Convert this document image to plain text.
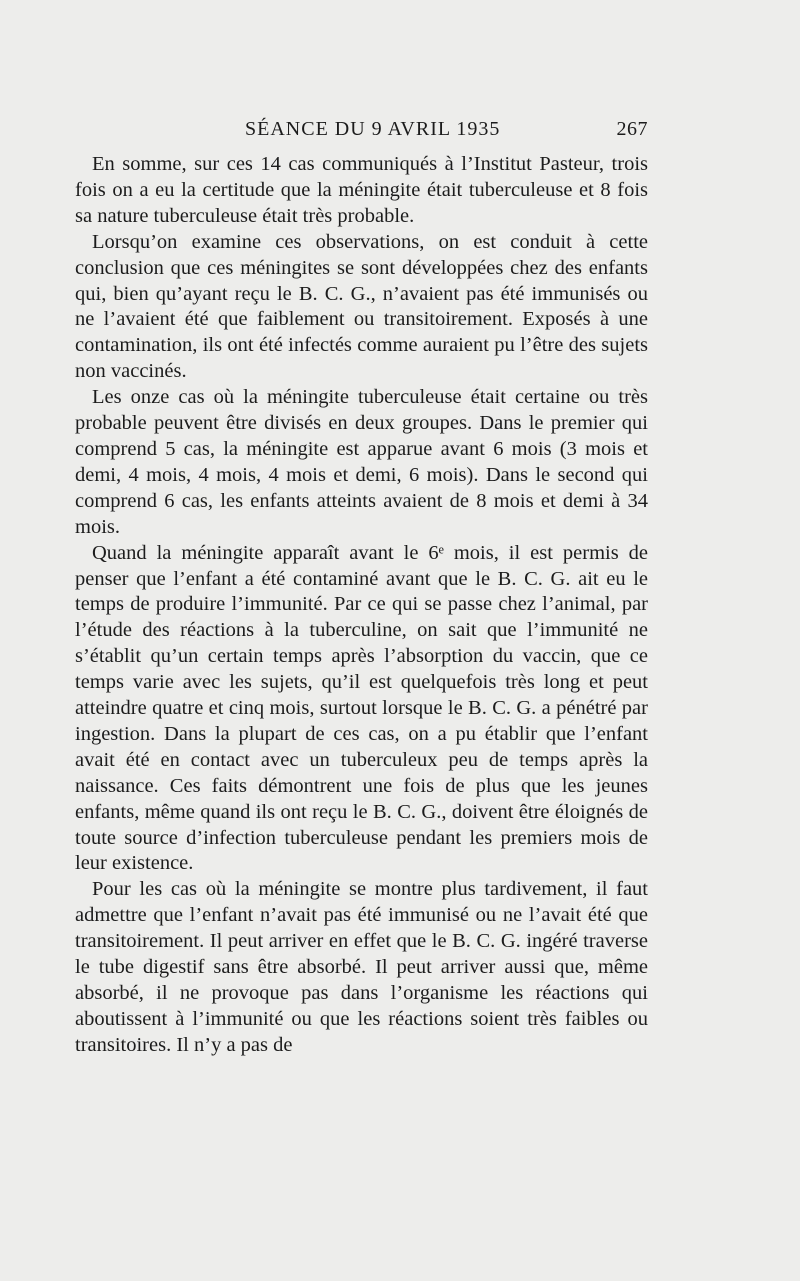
SÉANCE DU 9 AVRIL 1935	267

En somme, sur ces 14 cas communiqués à l’Institut Pasteur, trois fois on a eu la certitude que la méningite était tuberculeuse et 8 fois sa nature tuberculeuse était très probable.

Lorsqu’on examine ces observations, on est conduit à cette conclusion que ces méningites se sont développées chez des enfants qui, bien qu’ayant reçu le B. C. G., n’avaient pas été immunisés ou ne l’avaient été que faiblement ou transitoirement. Exposés à une contamination, ils ont été infectés comme auraient pu l’être des sujets non vaccinés.

Les onze cas où la méningite tuberculeuse était certaine ou très probable peuvent être divisés en deux groupes. Dans le premier qui comprend 5 cas, la méningite est apparue avant 6 mois (3 mois et demi, 4 mois, 4 mois, 4 mois et demi, 6 mois). Dans le second qui comprend 6 cas, les enfants atteints avaient de 8 mois et demi à 34 mois.

Quand la méningite apparaît avant le 6ᵉ mois, il est permis de penser que l’enfant a été contaminé avant que le B. C. G. ait eu le temps de produire l’immunité. Par ce qui se passe chez l’animal, par l’étude des réactions à la tuberculine, on sait que l’immunité ne s’établit qu’un certain temps après l’absorption du vaccin, que ce temps varie avec les sujets, qu’il est quelquefois très long et peut atteindre quatre et cinq mois, surtout lorsque le B. C. G. a pénétré par ingestion. Dans la plupart de ces cas, on a pu établir que l’enfant avait été en contact avec un tuberculeux peu de temps après la naissance. Ces faits démontrent une fois de plus que les jeunes enfants, même quand ils ont reçu le B. C. G., doivent être éloignés de toute source d’infection tuberculeuse pendant les premiers mois de leur existence.

Pour les cas où la méningite se montre plus tardivement, il faut admettre que l’enfant n’avait pas été immunisé ou ne l’avait été que transitoirement. Il peut arriver en effet que le B. C. G. ingéré traverse le tube digestif sans être absorbé. Il peut arriver aussi que, même absorbé, il ne provoque pas dans l’organisme les réactions qui aboutissent à l’immunité ou que les réactions soient très faibles ou transitoires. Il n’y a pas de
